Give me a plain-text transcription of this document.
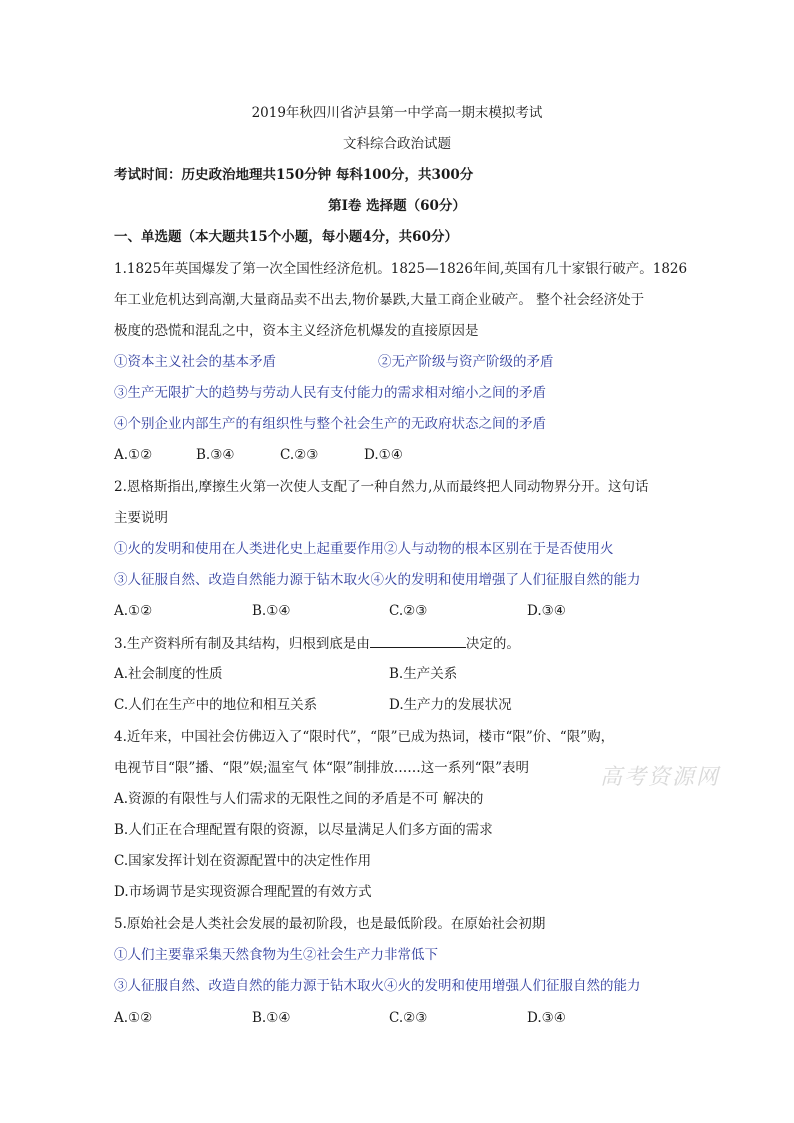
2019年秋四川省泸县第一中学高一期末模拟考试
文科综合政治试题
考试时间：历史政治地理共150分钟 每科100分，共300分
第Ⅰ卷 选择题（60分）
一、单选题（本大题共15个小题，每小题4分，共60分）
1.1825年英国爆发了第一次全国性经济危机。1825—1826年间,英国有几十家银行破产。1826
年工业危机达到高潮,大量商品卖不出去,物价暴跌,大量工商企业破产。 整个社会经济处于
极度的恐慌和混乱之中，资本主义经济危机爆发的直接原因是
①资本主义社会的基本矛盾	②无产阶级与资产阶级的矛盾
③生产无限扩大的趋势与劳动人民有支付能力的需求相对缩小之间的矛盾
④个别企业内部生产的有组织性与整个社会生产的无政府状态之间的矛盾
A.①②	B.③④	C.②③	D.①④
2.恩格斯指出,摩擦生火第一次使人支配了一种自然力,从而最终把人同动物界分开。这句话
主要说明
①火的发明和使用在人类进化史上起重要作用②人与动物的根本区别在于是否使用火
③人征服自然、改造自然能力源于钻木取火④火的发明和使用增强了人们征服自然的能力
A.①②	B.①④	C.②③	D.③④
3.生产资料所有制及其结构，归根到底是由	决定的。
A.社会制度的性质	B.生产关系
C.人们在生产中的地位和相互关系	D.生产力的发展状况
4.近年来，中国社会仿佛迈入了“限时代”，“限”已成为热词，楼市“限”价、“限”购，
电视节目“限”播、“限”娱;温室气 体“限”制排放……这一系列“限”表明
A.资源的有限性与人们需求的无限性之间的矛盾是不可 解决的
B.人们正在合理配置有限的资源，以尽量满足人们多方面的需求
C.国家发挥计划在资源配置中的决定性作用
D.市场调节是实现资源合理配置的有效方式
5.原始社会是人类社会发展的最初阶段，也是最低阶段。在原始社会初期
①人们主要靠采集天然食物为生②社会生产力非常低下
③人征服自然、改造自然的能力源于钻木取火④火的发明和使用增强人们征服自然的能力
A.①②	B.①④	C.②③	D.③④
高考资源网
